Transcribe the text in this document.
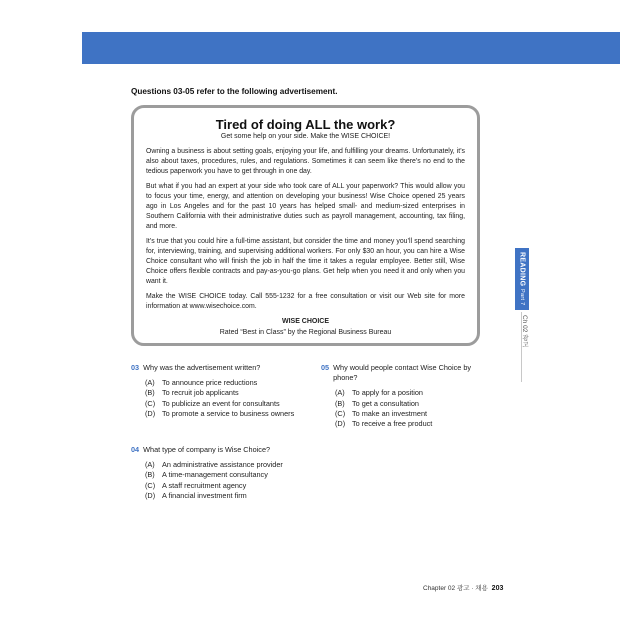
Questions 03-05 refer to the following advertisement.

Tired of doing ALL the work?

Get some help on your side. Make the WISE CHOICE!

Owning a business is about setting goals, enjoying your life, and fulfilling your dreams. Unfortunately, it’s also about taxes, procedures, rules, and regulations. Sometimes it can seem like there’s no end to the tedious paperwork you have to get through in one day.

But what if you had an expert at your side who took care of ALL your paperwork? This would allow you to focus your time, energy, and attention on developing your business! Wise Choice opened 25 years ago in Los Angeles and for the past 10 years has helped small- and medium-sized enterprises in Southern California with their administrative duties such as payroll management, accounting, tax filing, and more.

It’s true that you could hire a full-time assistant, but consider the time and money you’ll spend searching for, interviewing, training, and supervising additional workers. For only $30 an hour, you can hire a Wise Choice consultant who will finish the job in half the time it takes a regular employee. Better still, Wise Choice offers flexible contracts and pay-as-you-go plans. Get help when you need it and only when you want it.

Make the WISE CHOICE today. Call 555-1232 for a free consultation or visit our Web site for more information at www.wisechoice.com.

WISE CHOICE
Rated “Best in Class” by the Regional Business Bureau
READING
Part 7
Ch 02 광고
03 Why was the advertisement written?
(A) To announce price reductions
(B) To recruit job applicants
(C) To publicize an event for consultants
(D) To promote a service to business owners
04 What type of company is Wise Choice?
(A) An administrative assistance provider
(B) A time-management consultancy
(C) A staff recruitment agency
(D) A financial investment firm
05 Why would people contact Wise Choice by phone?
(A) To apply for a position
(B) To get a consultation
(C) To make an investment
(D) To receive a free product
Chapter 02 광고 · 채용 203
